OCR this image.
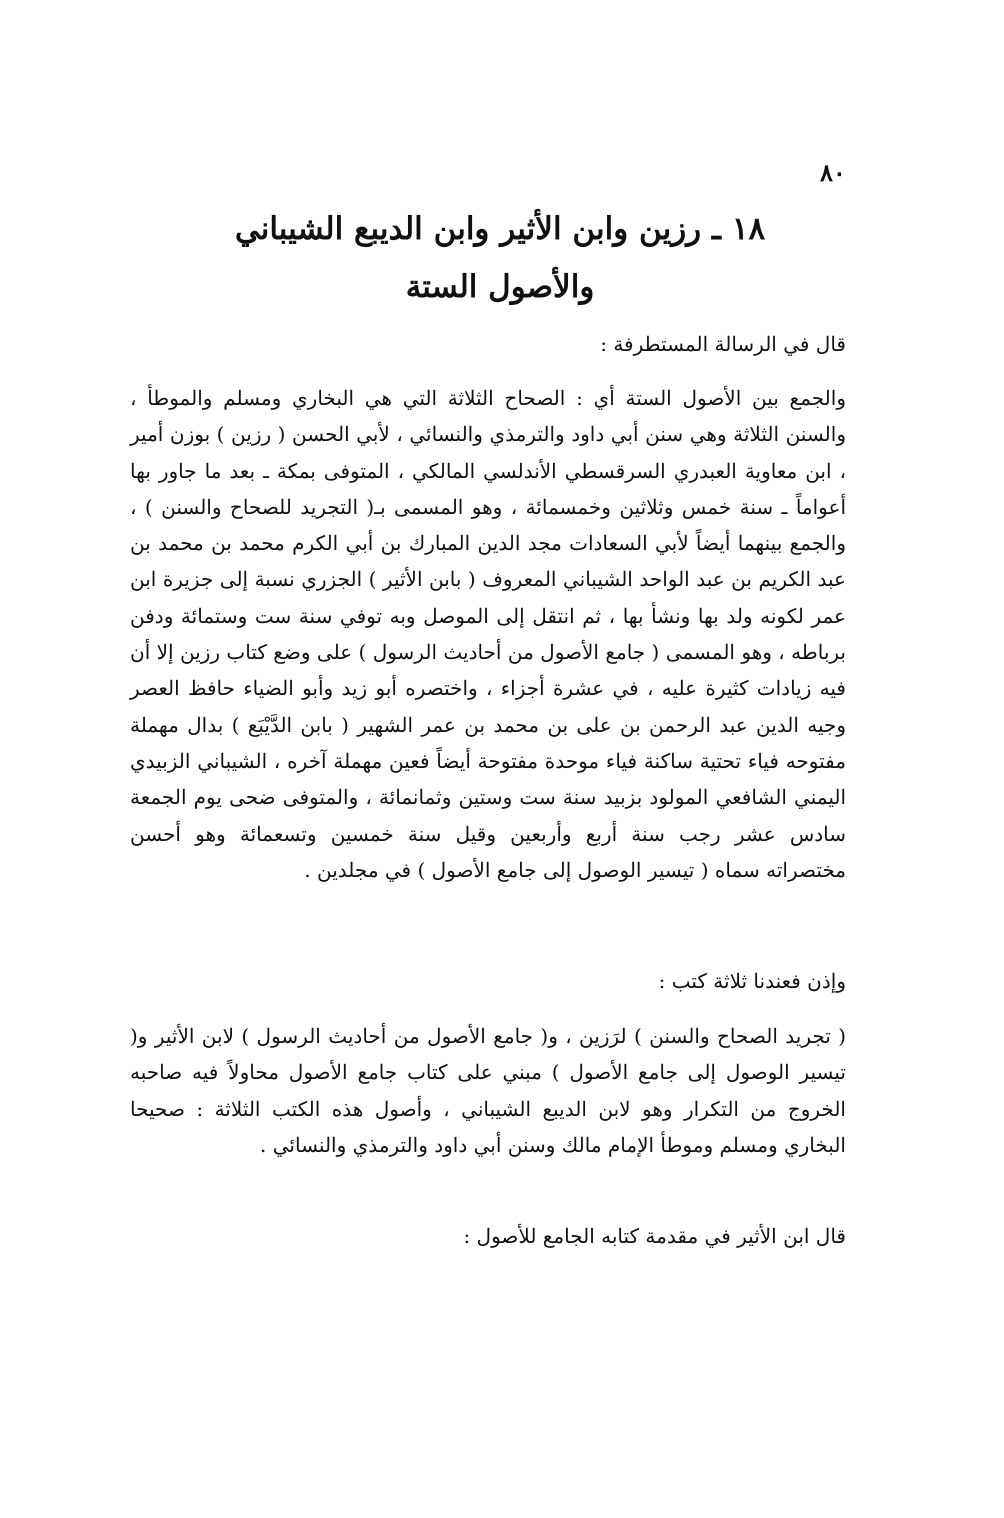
٨٠
١٨ ـ رزين وابن الأثير وابن الديبع الشيباني
والأصول الستة

قال في الرسالة المستطرفة :

والجمع بين الأصول الستة أي : الصحاح الثلاثة التي هي البخاري ومسلم والموطأ ، والسنن الثلاثة وهي سنن أبي داود والترمذي والنسائي ، لأبي الحسن ( رزين ) بوزن أمير ، ابن معاوية العبدري السرقسطي الأندلسي المالكي ، المتوفى بمكة ـ بعد ما جاور بها أعواماً ـ سنة خمس وثلاثين وخمسمائة ، وهو المسمى بـ( التجريد للصحاح والسنن ) ، والجمع بينهما أيضاً لأبي السعادات مجد الدين المبارك بن أبي الكرم محمد بن محمد بن عبد الكريم بن عبد الواحد الشيباني المعروف ( بابن الأثير ) الجزري نسبة إلى جزيرة ابن عمر لكونه ولد بها ونشأ بها ، ثم انتقل إلى الموصل وبه توفي سنة ست وستمائة ودفن برباطه ، وهو المسمى ( جامع الأصول من أحاديث الرسول ) على وضع كتاب رزين إلا أن فيه زيادات كثيرة عليه ، في عشرة أجزاء ، واختصره أبو زيد وأبو الضياء حافظ العصر وجيه الدين عبد الرحمن بن على بن محمد بن عمر الشهير ( بابن الدَّيْبَع ) بدال مهملة مفتوحه فياء تحتية ساكنة فياء موحدة مفتوحة أيضاً فعين مهملة آخره ، الشيباني الزبيدي اليمني الشافعي المولود بزبيد سنة ست وستين وثمانمائة ، والمتوفى ضحى يوم الجمعة سادس عشر رجب سنة أربع وأربعين وقيل سنة خمسين وتسعمائة وهو أحسن مختصراته سماه ( تيسير الوصول إلى جامع الأصول ) في مجلدين .

وإذن فعندنا ثلاثة كتب :

( تجريد الصحاح والسنن ) لرَزين ، و( جامع الأصول من أحاديث الرسول ) لابن الأثير و( تيسير الوصول إلى جامع الأصول ) مبني على كتاب جامع الأصول محاولاً فيه صاحبه الخروج من التكرار وهو لابن الديبع الشيباني ، وأصول هذه الكتب الثلاثة : صحيحا البخاري ومسلم وموطأ الإمام مالك وسنن أبي داود والترمذي والنسائي .

قال ابن الأثير في مقدمة كتابه الجامع للأصول :
